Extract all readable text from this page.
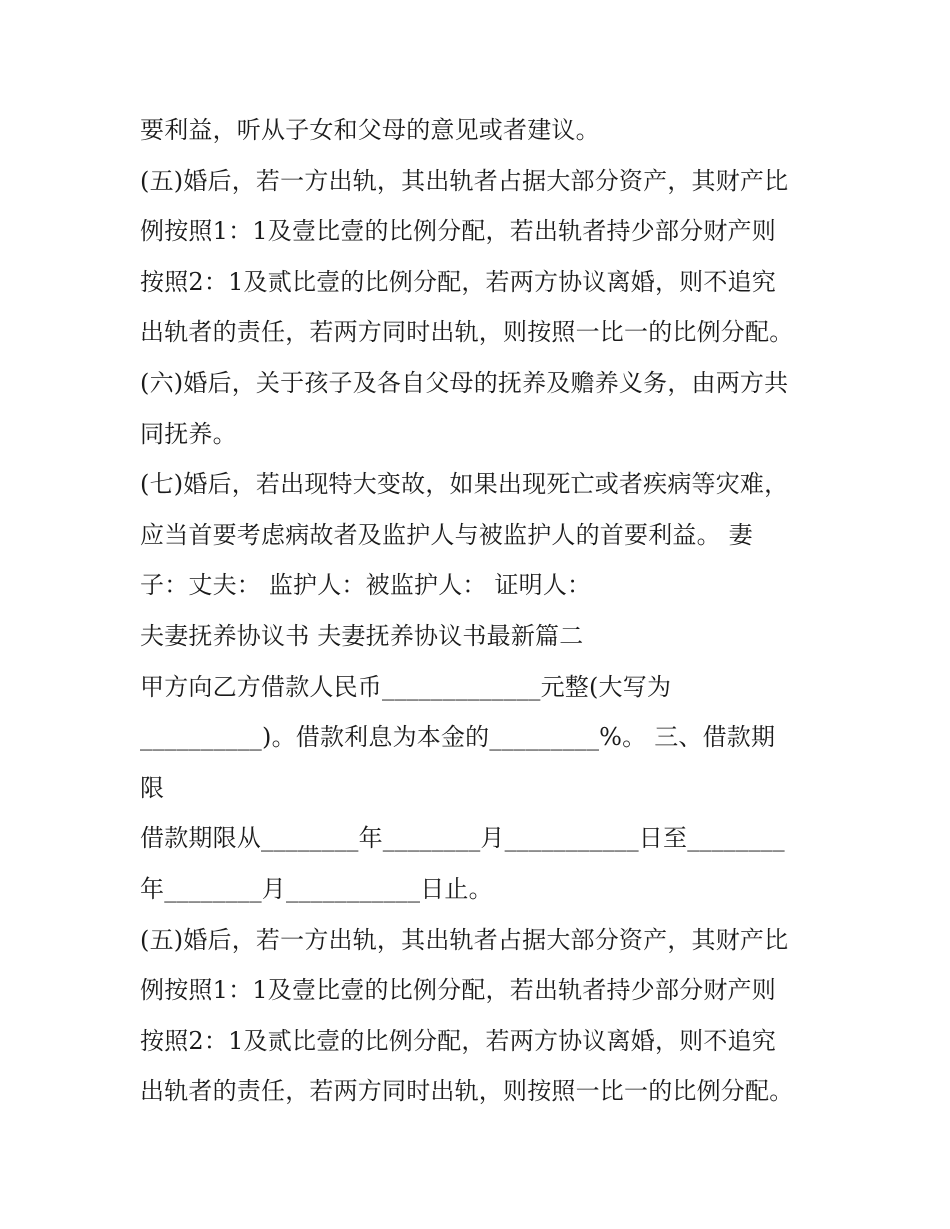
要利益，听从子女和父母的意见或者建议。
(五)婚后，若一方出轨，其出轨者占据大部分资产，其财产比
例按照1：1及壹比壹的比例分配，若出轨者持少部分财产则
按照2：1及贰比壹的比例分配，若两方协议离婚，则不追究
出轨者的责任，若两方同时出轨，则按照一比一的比例分配。
(六)婚后，关于孩子及各自父母的抚养及赡养义务，由两方共
同抚养。
(七)婚后，若出现特大变故，如果出现死亡或者疾病等灾难，
应当首要考虑病故者及监护人与被监护人的首要利益。 妻
子：丈夫： 监护人：被监护人： 证明人：
夫妻抚养协议书 夫妻抚养协议书最新篇二
甲方向乙方借款人民币_____________元整(大写为
__________)。借款利息为本金的_________%。 三、借款期
限
借款期限从________年________月___________日至________
年________月___________日止。
(五)婚后，若一方出轨，其出轨者占据大部分资产，其财产比
例按照1：1及壹比壹的比例分配，若出轨者持少部分财产则
按照2：1及贰比壹的比例分配，若两方协议离婚，则不追究
出轨者的责任，若两方同时出轨，则按照一比一的比例分配。
